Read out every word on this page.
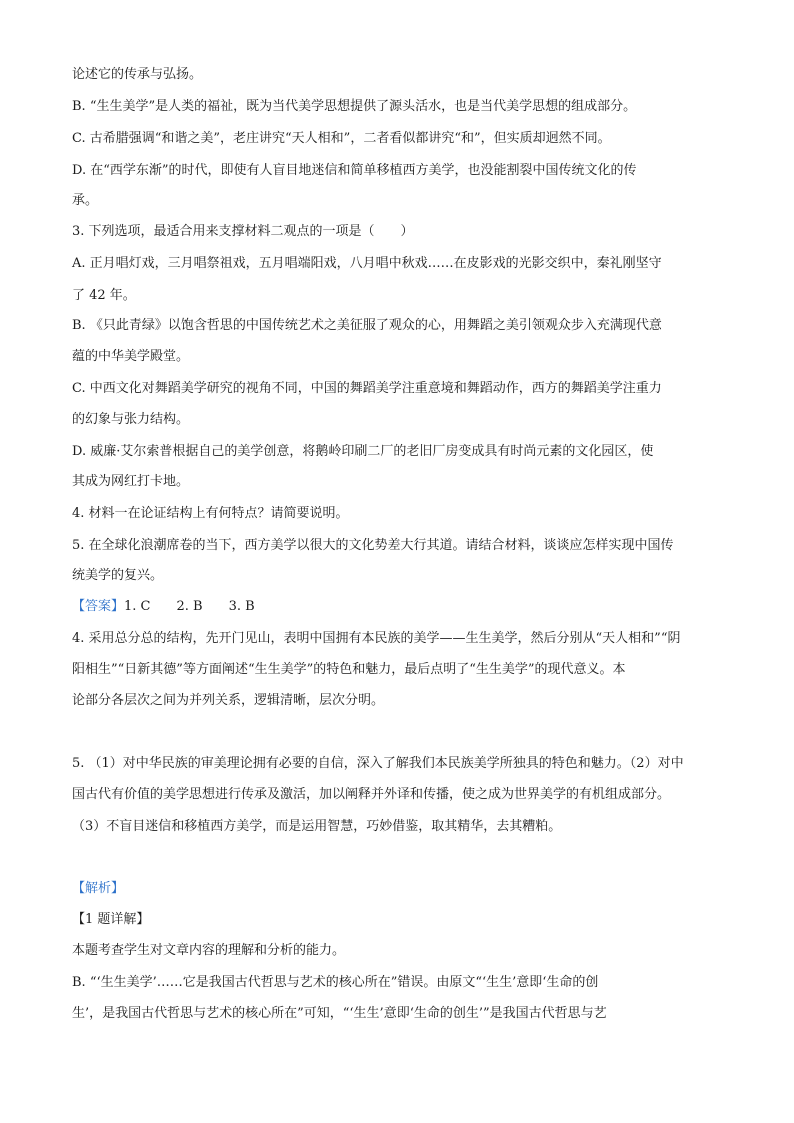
论述它的传承与弘扬。
B. “生生美学”是人类的福祉，既为当代美学思想提供了源头活水，也是当代美学思想的组成部分。
C. 古希腊强调“和谐之美”，老庄讲究“天人相和”，二者看似都讲究“和”，但实质却迥然不同。
D. 在“西学东渐”的时代，即使有人盲目地迷信和简单移植西方美学，也没能割裂中国传统文化的传
承。
3. 下列选项，最适合用来支撑材料二观点的一项是（　　）
A. 正月唱灯戏，三月唱祭祖戏，五月唱端阳戏，八月唱中秋戏……在皮影戏的光影交织中，秦礼刚坚守
了 42 年。
B. 《只此青绿》以饱含哲思的中国传统艺术之美征服了观众的心，用舞蹈之美引领观众步入充满现代意
蕴的中华美学殿堂。
C. 中西文化对舞蹈美学研究的视角不同，中国的舞蹈美学注重意境和舞蹈动作，西方的舞蹈美学注重力
的幻象与张力结构。
D. 威廉·艾尔索普根据自己的美学创意，将鹅岭印刷二厂的老旧厂房变成具有时尚元素的文化园区，使
其成为网红打卡地。
4. 材料一在论证结构上有何特点？请简要说明。
5. 在全球化浪潮席卷的当下，西方美学以很大的文化势差大行其道。请结合材料，谈谈应怎样实现中国传
统美学的复兴。
【答案】1. C　　2. B　　3. B
4. 采用总分总的结构，先开门见山，表明中国拥有本民族的美学——生生美学，然后分别从“天人相和”“阴
阳相生”“日新其德”等方面阐述“生生美学”的特色和魅力，最后点明了“生生美学”的现代意义。本
论部分各层次之间为并列关系，逻辑清晰，层次分明。
5. （1）对中华民族的审美理论拥有必要的自信，深入了解我们本民族美学所独具的特色和魅力。（2）对中
国古代有价值的美学思想进行传承及激活，加以阐释并外译和传播，使之成为世界美学的有机组成部分。
（3）不盲目迷信和移植西方美学，而是运用智慧，巧妙借鉴，取其精华，去其糟粕。
【解析】
【1 题详解】
本题考查学生对文章内容的理解和分析的能力。
B. “‘生生美学’……它是我国古代哲思与艺术的核心所在”错误。由原文“‘生生’意即‘生命的创
生’，是我国古代哲思与艺术的核心所在”可知，“‘生生’意即‘生命的创生’”是我国古代哲思与艺
